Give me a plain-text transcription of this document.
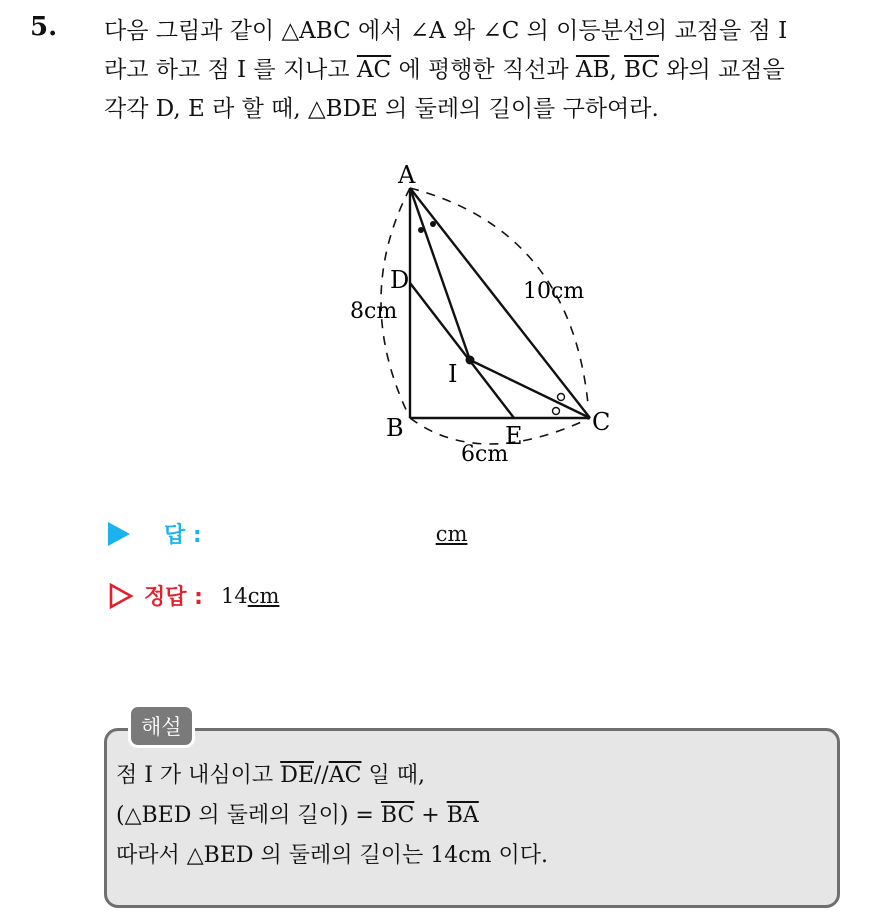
5. 다음 그림과 같이 △ABC 에서 ∠A 와 ∠C 의 이등분선의 교점을 점 I
라고 하고 점 I 를 지나고 $\overline{AC}$ 에 평행한 직선과 $\overline{AB}$, $\overline{BC}$ 와의 교점을
각각 D, E 라 할 때, △BDE 의 둘레의 길이를 구하여라.
A
B	C
D
E
I
8cm
10cm
6cm
답 :	cm
정답 : 14 cm
해설
점 I 가 내심이고 $\overline{DE}//\overline{AC}$ 일 때,
(△BED 의 둘레의 길이) = $\overline{BC} + \overline{BA}$
따라서 △BED 의 둘레의 길이는 14cm 이다.
